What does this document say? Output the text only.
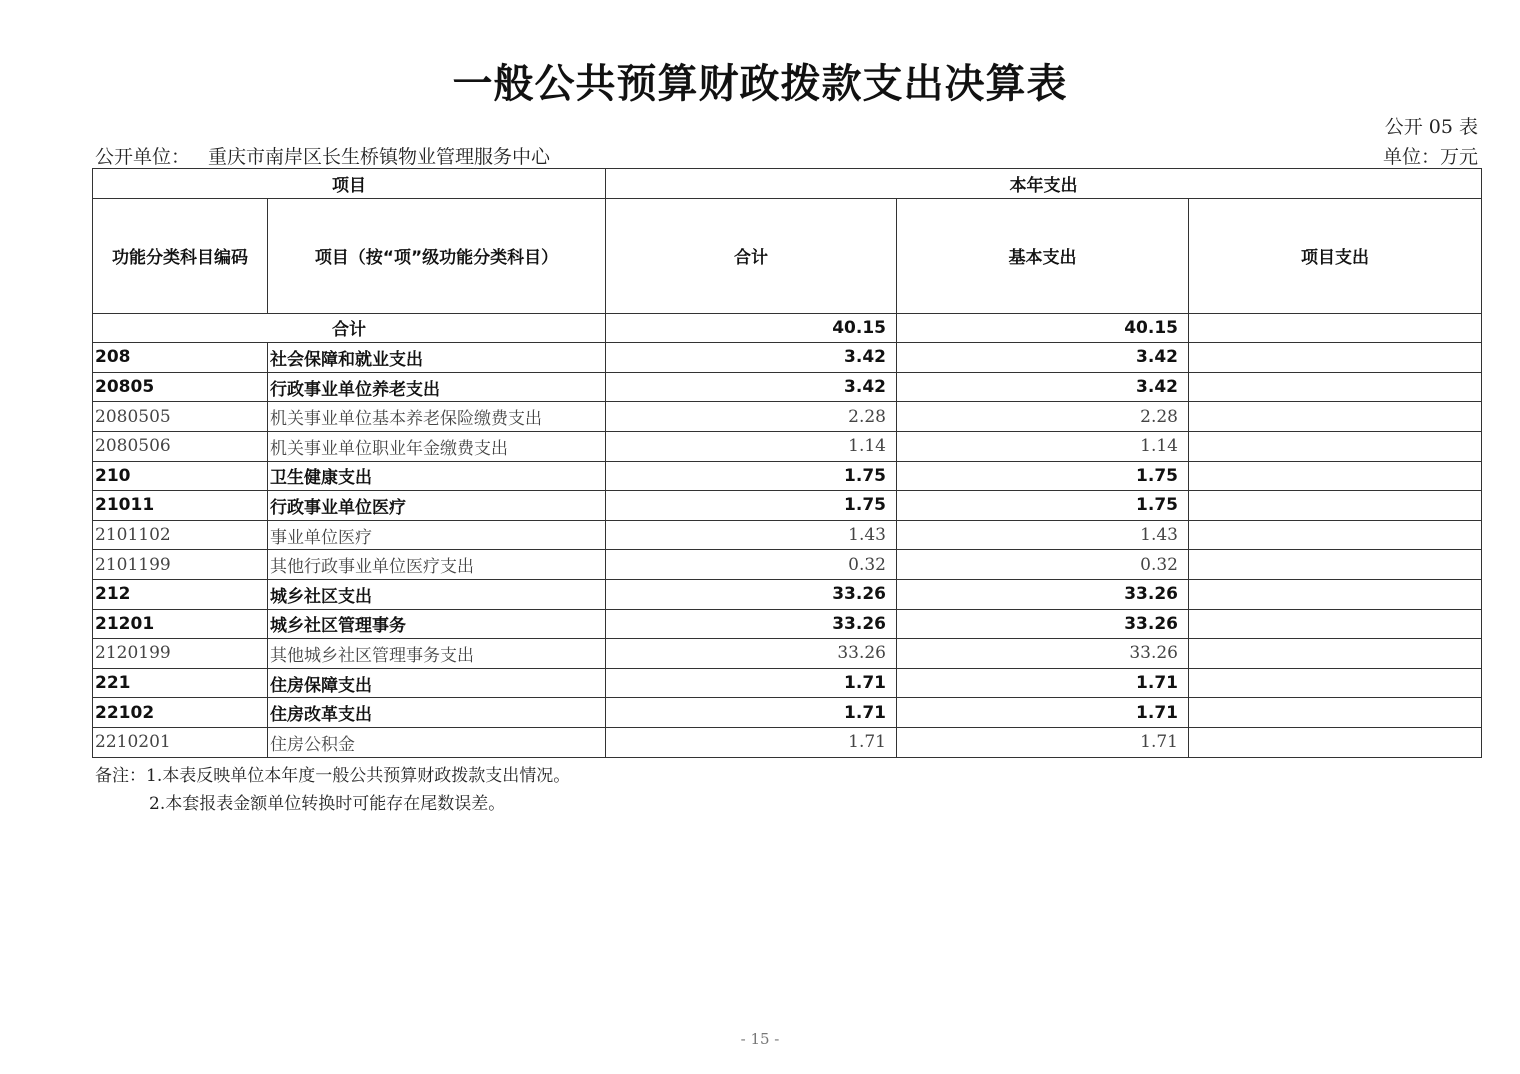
一般公共预算财政拨款支出决算表
公开 05 表
公开单位： 重庆市南岸区长生桥镇物业管理服务中心	单位：万元
项目		本年支出		
功能分类科目编码	项目（按“项”级功能分类科目）	合计	基本支出	项目支出
合计		40.15	40.15	
208	社会保障和就业支出	3.42	3.42	
20805	行政事业单位养老支出	3.42	3.42	
2080505	机关事业单位基本养老保险缴费支出	2.28	2.28	
2080506	机关事业单位职业年金缴费支出	1.14	1.14	
210	卫生健康支出	1.75	1.75	
21011	行政事业单位医疗	1.75	1.75	
2101102	事业单位医疗	1.43	1.43	
2101199	其他行政事业单位医疗支出	0.32	0.32	
212	城乡社区支出	33.26	33.26	
21201	城乡社区管理事务	33.26	33.26	
2120199	其他城乡社区管理事务支出	33.26	33.26	
221	住房保障支出	1.71	1.71	
22102	住房改革支出	1.71	1.71	
2210201	住房公积金	1.71	1.71	
备注：1.本表反映单位本年度一般公共预算财政拨款支出情况。
2.本套报表金额单位转换时可能存在尾数误差。
- 15 -
